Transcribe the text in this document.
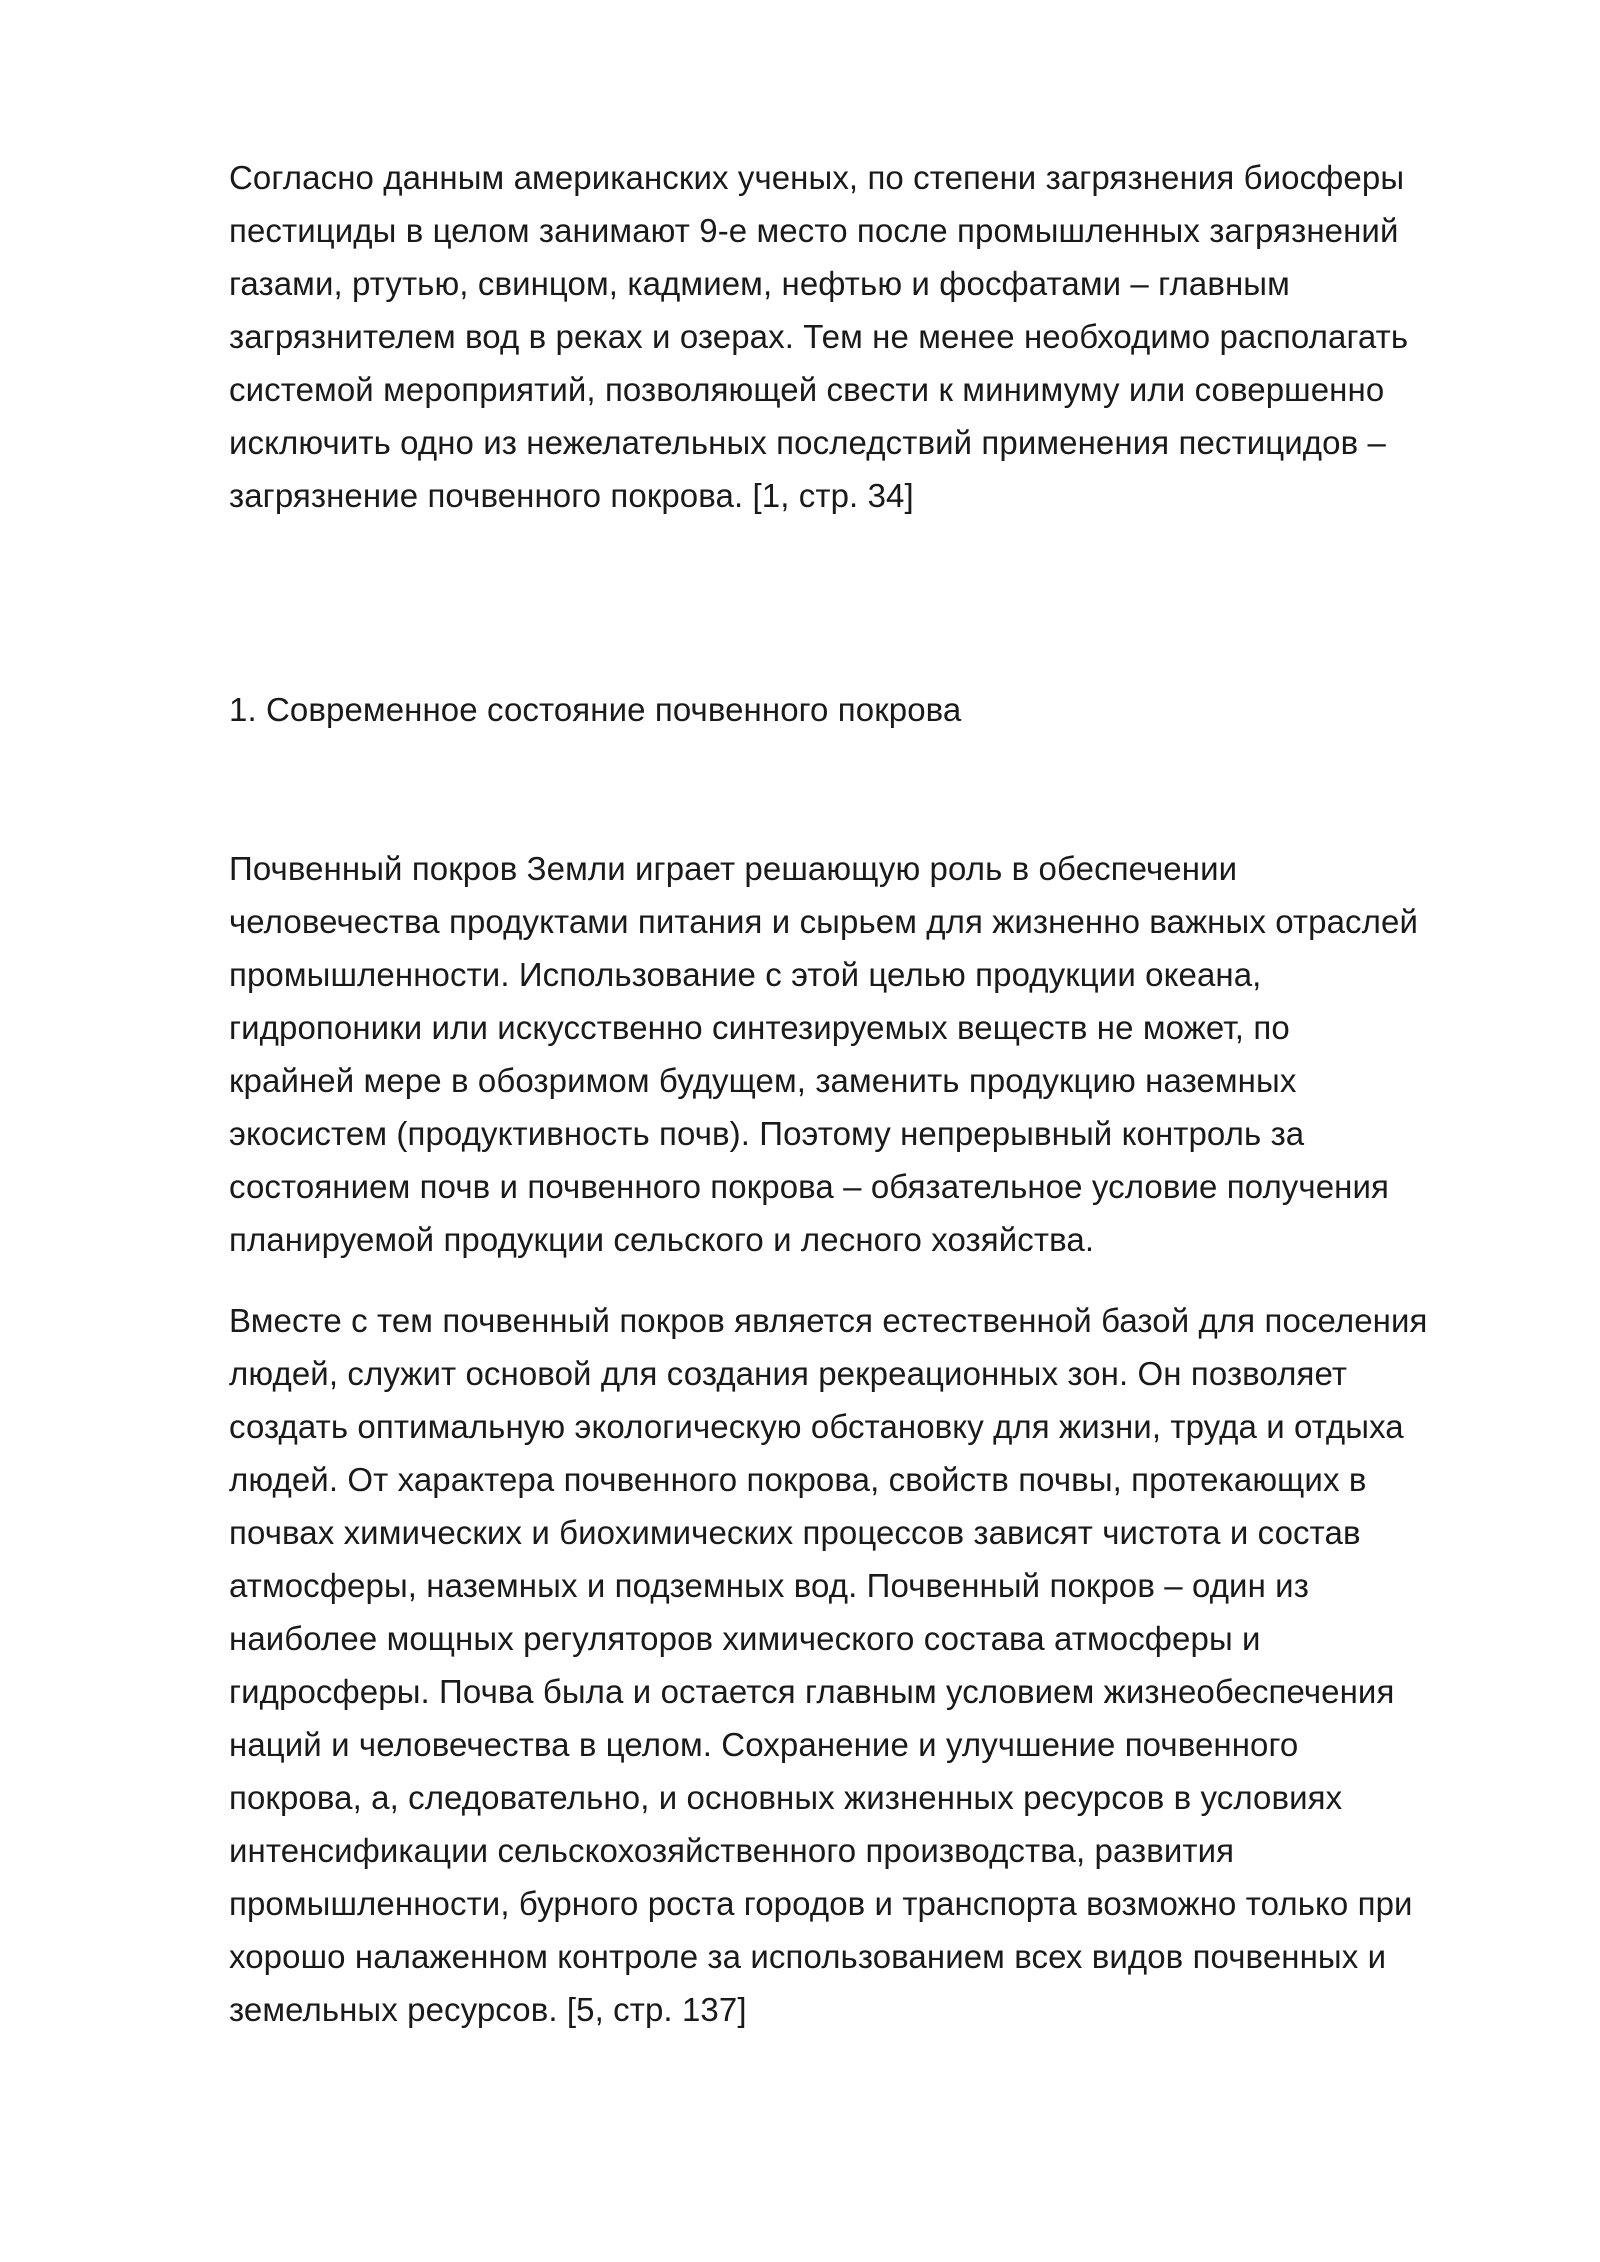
Согласно данным американских ученых, по степени загрязнения биосферы
пестициды в целом занимают 9-е место после промышленных загрязнений
газами, ртутью, свинцом, кадмием, нефтью и фосфатами – главным
загрязнителем вод в реках и озерах. Тем не менее необходимо располагать
системой мероприятий, позволяющей свести к минимуму или совершенно
исключить одно из нежелательных последствий применения пестицидов –
загрязнение почвенного покрова. [1, стр. 34]
1. Современное состояние почвенного покрова
Почвенный покров Земли играет решающую роль в обеспечении
человечества продуктами питания и сырьем для жизненно важных отраслей
промышленности. Использование с этой целью продукции океана,
гидропоники или искусственно синтезируемых веществ не может, по
крайней мере в обозримом будущем, заменить продукцию наземных
экосистем (продуктивность почв). Поэтому непрерывный контроль за
состоянием почв и почвенного покрова – обязательное условие получения
планируемой продукции сельского и лесного хозяйства.
Вместе с тем почвенный покров является естественной базой для поселения
людей, служит основой для создания рекреационных зон. Он позволяет
создать оптимальную экологическую обстановку для жизни, труда и отдыха
людей. От характера почвенного покрова, свойств почвы, протекающих в
почвах химических и биохимических процессов зависят чистота и состав
атмосферы, наземных и подземных вод. Почвенный покров – один из
наиболее мощных регуляторов химического состава атмосферы и
гидросферы. Почва была и остается главным условием жизнеобеспечения
наций и человечества в целом. Сохранение и улучшение почвенного
покрова, а, следовательно, и основных жизненных ресурсов в условиях
интенсификации сельскохозяйственного производства, развития
промышленности, бурного роста городов и транспорта возможно только при
хорошо налаженном контроле за использованием всех видов почвенных и
земельных ресурсов. [5, стр. 137]
